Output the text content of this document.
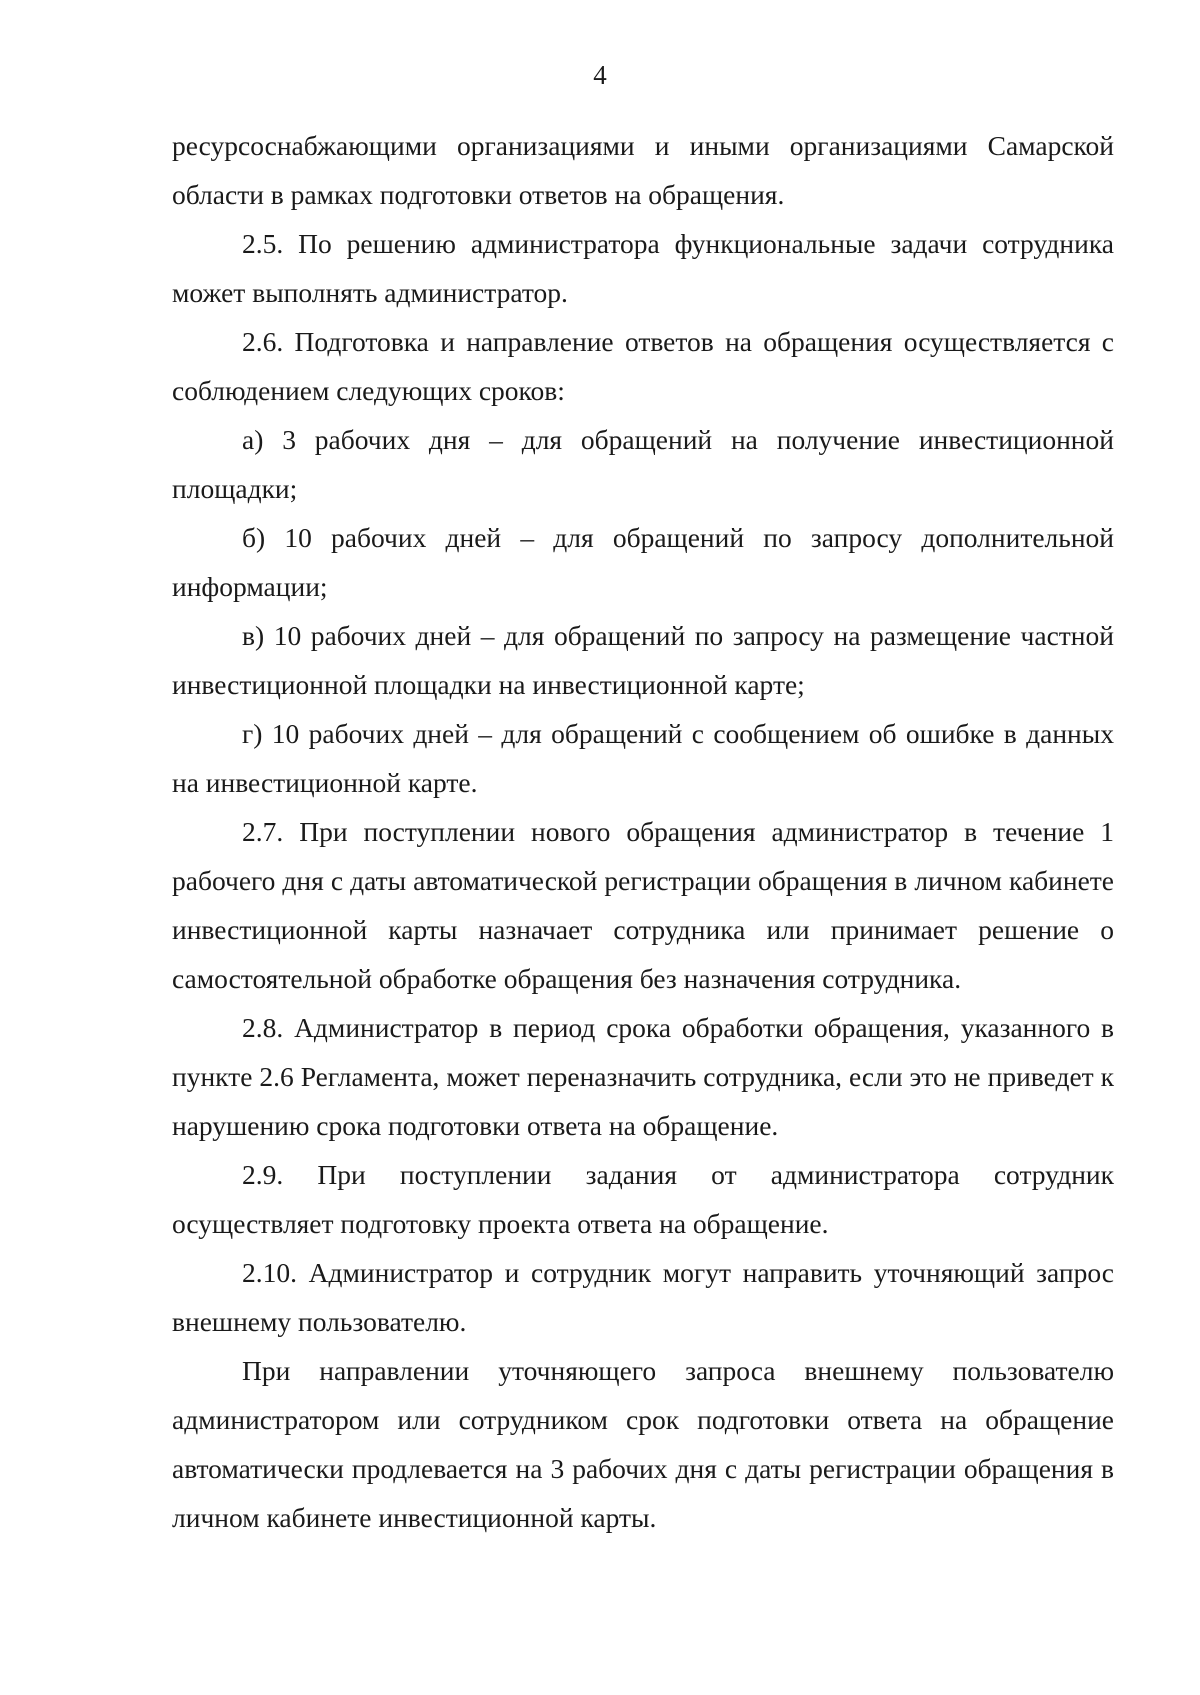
4

ресурсоснабжающими организациями и иными организациями Самарской области в рамках подготовки ответов на обращения.

2.5. По решению администратора функциональные задачи сотрудника может выполнять администратор.

2.6. Подготовка и направление ответов на обращения осуществляется с соблюдением следующих сроков:

а) 3 рабочих дня – для обращений на получение инвестиционной площадки;

б) 10 рабочих дней – для обращений по запросу дополнительной информации;

в) 10 рабочих дней – для обращений по запросу на размещение частной инвестиционной площадки на инвестиционной карте;

г) 10 рабочих дней – для обращений с сообщением об ошибке в данных на инвестиционной карте.

2.7. При поступлении нового обращения администратор в течение 1 рабочего дня с даты автоматической регистрации обращения в личном кабинете инвестиционной карты назначает сотрудника или принимает решение о самостоятельной обработке обращения без назначения сотрудника.

2.8. Администратор в период срока обработки обращения, указанного в пункте 2.6 Регламента, может переназначить сотрудника, если это не приведет к нарушению срока подготовки ответа на обращение.

2.9. При поступлении задания от администратора сотрудник осуществляет подготовку проекта ответа на обращение.

2.10. Администратор и сотрудник могут направить уточняющий запрос внешнему пользователю.

При направлении уточняющего запроса внешнему пользователю администратором или сотрудником срок подготовки ответа на обращение автоматически продлевается на 3 рабочих дня с даты регистрации обращения в личном кабинете инвестиционной карты.
